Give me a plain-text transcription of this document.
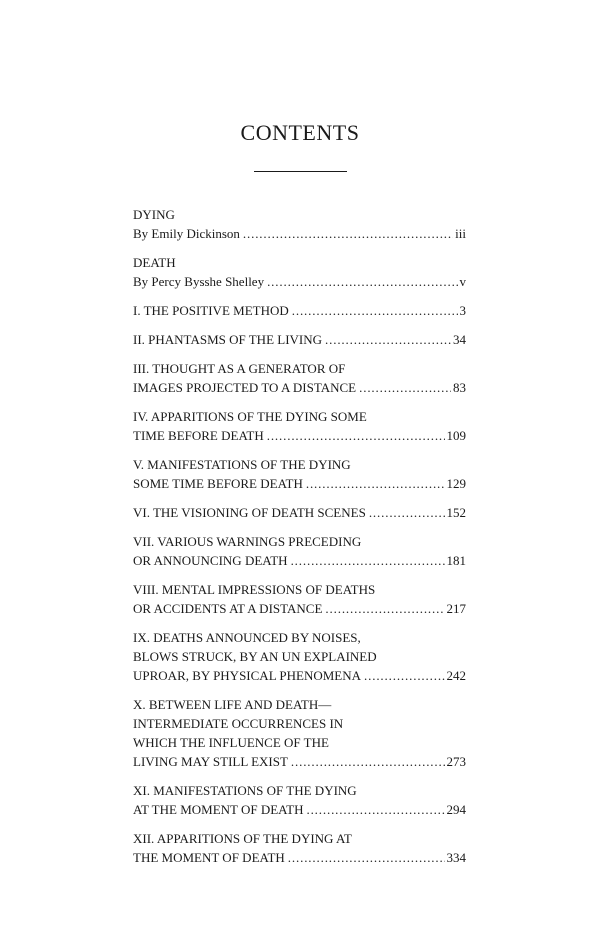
CONTENTS
DYING
By Emily Dickinson . . .	iii
DEATH
By Percy Bysshe Shelley . . .	v
I. THE POSITIVE METHOD . . .	3
II. PHANTASMS OF THE LIVING . . .	34
III. THOUGHT AS A GENERATOR OF
IMAGES PROJECTED TO A DISTANCE . . .	83
IV. APPARITIONS OF THE DYING SOME
TIME BEFORE DEATH . . .	109
V. MANIFESTATIONS OF THE DYING
SOME TIME BEFORE DEATH . . .	129
VI. THE VISIONING OF DEATH SCENES . . .	152
VII. VARIOUS WARNINGS PRECEDING
OR ANNOUNCING DEATH . . .	181
VIII. MENTAL IMPRESSIONS OF DEATHS
OR ACCIDENTS AT A DISTANCE . . .	217
IX. DEATHS ANNOUNCED BY NOISES,
BLOWS STRUCK, BY AN UN EXPLAINED
UPROAR, BY PHYSICAL PHENOMENA . . .	242
X. BETWEEN LIFE AND DEATH—
INTERMEDIATE OCCURRENCES IN
WHICH THE INFLUENCE OF THE
LIVING MAY STILL EXIST . . .	273
XI. MANIFESTATIONS OF THE DYING
AT THE MOMENT OF DEATH . . .	294
XII. APPARITIONS OF THE DYING AT
THE MOMENT OF DEATH . . .	334
